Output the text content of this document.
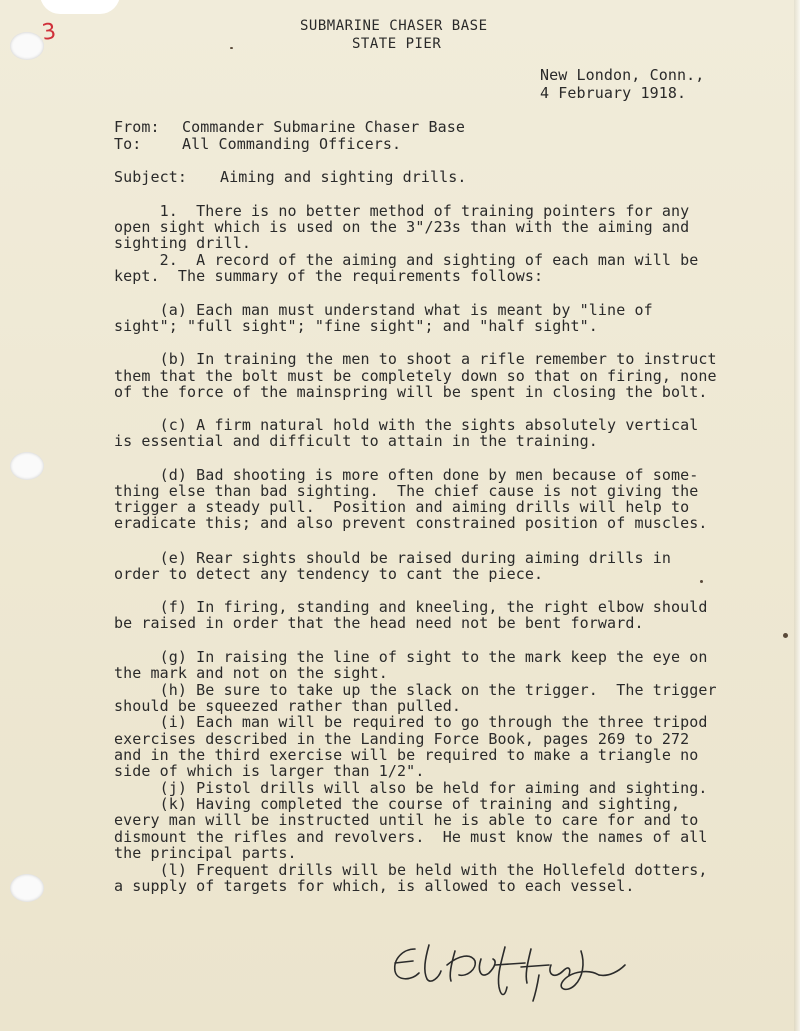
3	SUBMARINE CHASER BASE
STATE PIER
New London, Conn.,
4 February 1918.
From: Commander Submarine Chaser Base
To:	All Commanding Officers.
Subject: Aiming and sighting drills.
1.  There is no better method of training pointers for any
open sight which is used on the 3"/23s than with the aiming and
sighting drill.
2.  A record of the aiming and sighting of each man will be
kept.  The summary of the requirements follows:
(a) Each man must understand what is meant by "line of
sight"; "full sight"; "fine sight"; and "half sight".
(b) In training the men to shoot a rifle remember to instruct
them that the bolt must be completely down so that on firing, none
of the force of the mainspring will be spent in closing the bolt.
(c) A firm natural hold with the sights absolutely vertical
is essential and difficult to attain in the training.
(d) Bad shooting is more often done by men because of some-
thing else than bad sighting.  The chief cause is not giving the
trigger a steady pull.  Position and aiming drills will help to
eradicate this; and also prevent constrained position of muscles.
(e) Rear sights should be raised during aiming drills in
order to detect any tendency to cant the piece.
(f) In firing, standing and kneeling, the right elbow should
be raised in order that the head need not be bent forward.
(g) In raising the line of sight to the mark keep the eye on
the mark and not on the sight.
(h) Be sure to take up the slack on the trigger.  The trigger
should be squeezed rather than pulled.
(i) Each man will be required to go through the three tripod
exercises described in the Landing Force Book, pages 269 to 272
and in the third exercise will be required to make a triangle no
side of which is larger than 1/2".
(j) Pistol drills will also be held for aiming and sighting.
(k) Having completed the course of training and sighting,
every man will be instructed until he is able to care for and to
dismount the rifles and revolvers.  He must know the names of all
the principal parts.
(l) Frequent drills will be held with the Hollefeld dotters,
a supply of targets for which, is allowed to each vessel.
